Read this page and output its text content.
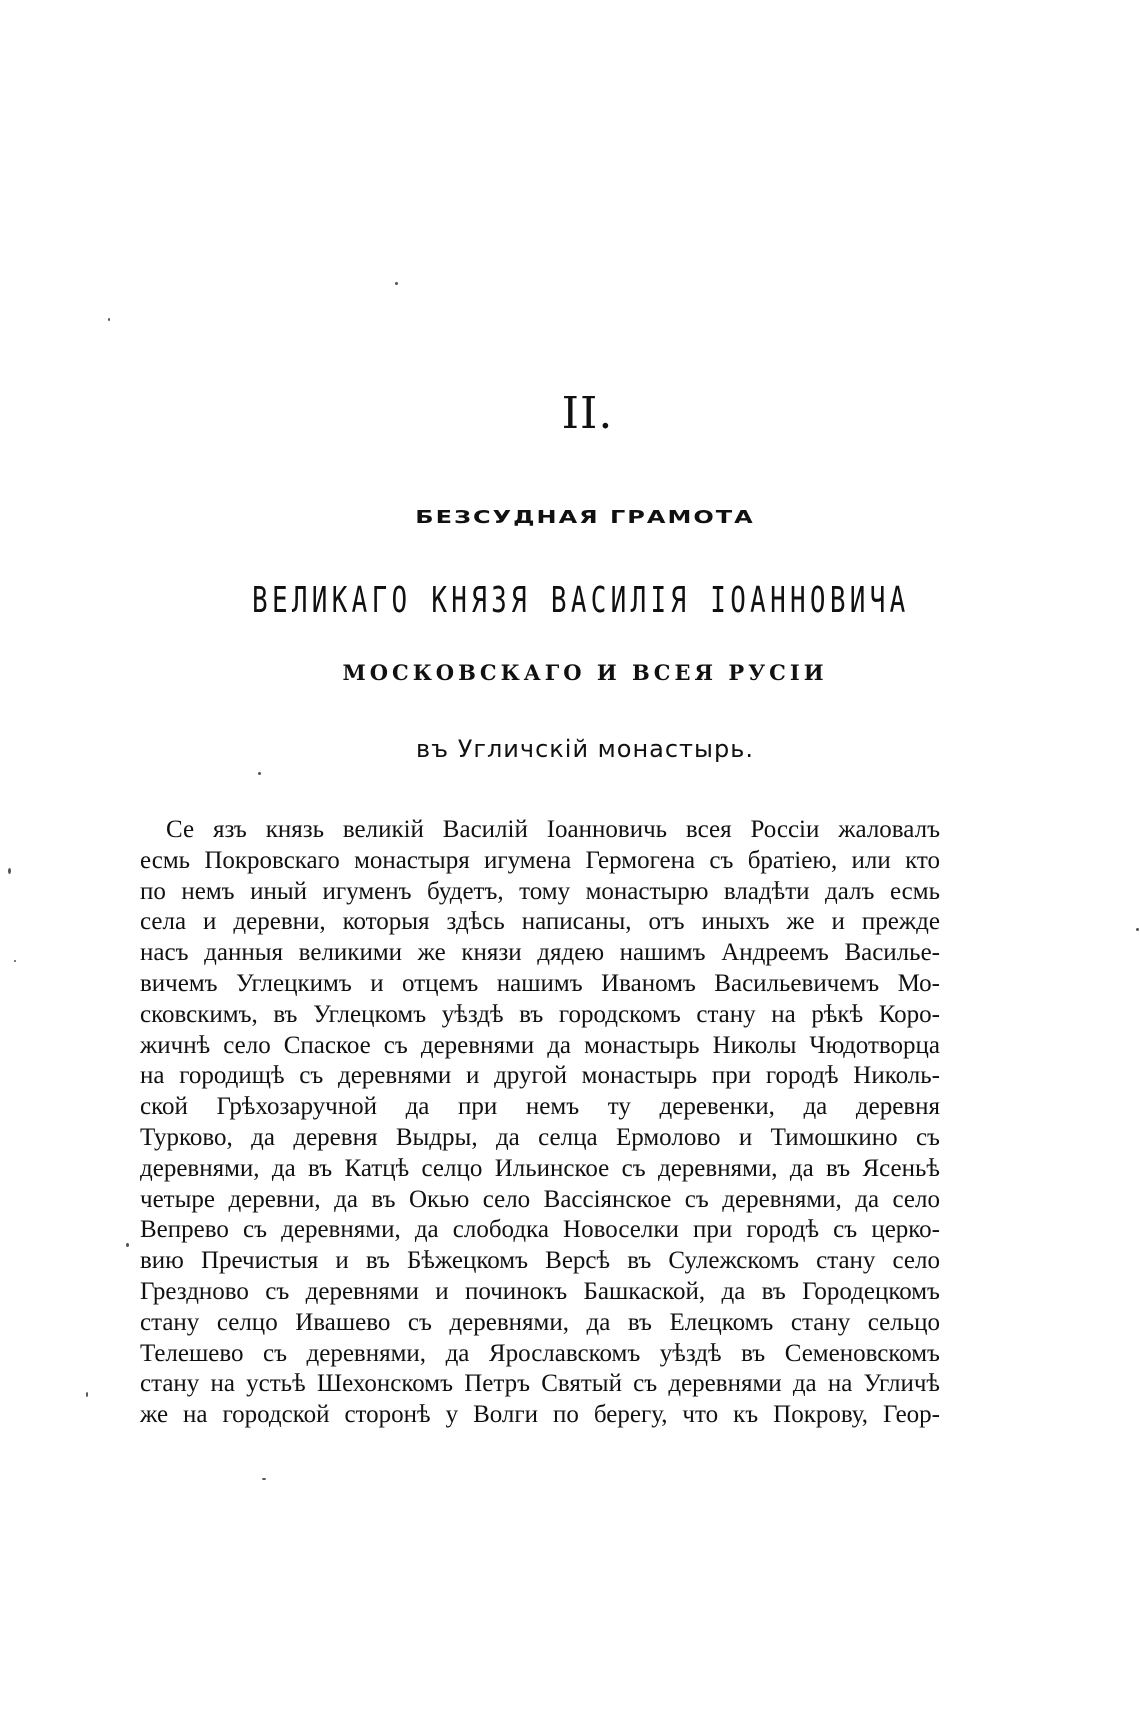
II.
БЕЗСУДНАЯ ГРАМОТА
ВЕЛИКАГО КНЯЗЯ ВАСИЛІЯ ІОАННОВИЧА
МОСКОВСКАГО И ВСЕЯ РУСІИ
въ Угличскій монастырь.
Се язъ князь великій Василій Іоанновичь всея Россіи жаловалъ
есмь Покровскаго монастыря игумена Гермогена съ братіею, или кто
по немъ иный игуменъ будетъ, тому монастырю владѣти далъ есмь
села и деревни, которыя здѣсь написаны, отъ иныхъ же и прежде
насъ данныя великими же князи дядею нашимъ Андреемъ Василье-
вичемъ Углецкимъ и отцемъ нашимъ Иваномъ Васильевичемъ Мо-
сковскимъ, въ Углецкомъ уѣздѣ въ городскомъ стану на рѣкѣ Коро-
жичнѣ село Спаское съ деревнями да монастырь Николы Чюдотворца
на городищѣ съ деревнями и другой монастырь при городѣ Николь-
ской Грѣхозаручной да при немъ ту деревенки, да деревня
Турково, да деревня Выдры, да селца Ермолово и Тимошкино съ
деревнями, да въ Катцѣ селцо Ильинское съ деревнями, да въ Ясеньѣ
четыре деревни, да въ Окью село Вассіянское съ деревнями, да село
Вепрево съ деревнями, да слободка Новоселки при городѣ съ церко-
вию Пречистыя и въ Бѣжецкомъ Версѣ въ Сулежскомъ стану село
Грездново съ деревнями и починокъ Башкаской, да въ Городецкомъ
стану селцо Ивашево съ деревнями, да въ Елецкомъ стану сельцо
Телешево съ деревнями, да Ярославскомъ уѣздѣ въ Семеновскомъ
стану на устьѣ Шехонскомъ Петръ Святый съ деревнями да на Угличѣ
же на городской сторонѣ у Волги по берегу, что къ Покрову, Геор-
